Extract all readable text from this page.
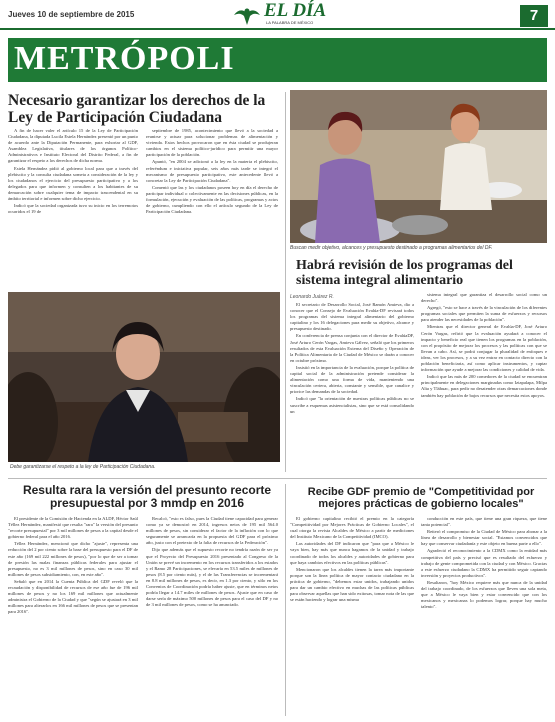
Jueves 10 de septiembre de 2015	EL DÍA
LA PALABRA DE MÉXICO	7
METRÓPOLI
Necesario garantizar los derechos de la Ley de Participación Ciudadana

A fin de hacer valer el artículo 15 de la Ley de Participación Ciudadana, la diputada Lucila Estela Hernández presentó por un punto de acuerdo ante la Diputación Permanente, para exhortar al GDF, Asamblea Legislativa, titulares de los órganos Político-Administrativos e Instituto Electoral del Distrito Federal, a fin de garantizar el respeto a los derechos de dicha norma.

Estela Hernández pidió al gobierno local para que a través del plebiscito y la consulta ciudadana someta a consideración de la ley y los ciudadanos el ejercicio del presupuesto participativo y a los delegados para que informen y consulten a los habitantes de su demarcación sobre cualquier tema de impacto trascendental en su ámbito territorial e informen sobre dicho ejercicio.

Indicó que la sociedad organizada tuvo su inicio en los terremotos ocurridos el 19 de

septiembre de 1985, acontecimiento que llevó a la sociedad a reunirse y actuar para solucionar problemas de alimentación y vivienda. Estos hechos provocaron que en ésta ciudad se produjeran cambios en el sistema político-jurídico para permitir una mayor participación de la población.

Apuntó, "en 2004 se adicionó a la ley en la materia el plebiscito, referéndum e iniciativa popular, seis años más tarde se integró el mecanismo de presupuesto participativo, este antecedente llevó a concretar la Ley de Participación Ciudadana".

Comentó que las y los ciudadanos poseen hoy en día el derecho de participar individual o colectivamente en las decisiones públicas, en la formulación, ejecución y evaluación de las políticas, programas y actos de gobierno, cumpliendo con ello el artículo segundo de la Ley de Participación Ciudadana.

Debe garantizarse el respeto a la ley de Participación Ciudadana.
Buscan medir objetivo, alcances y presupuesto destinado a programas alimentarios del DF.
Habrá revisión de los programas del sistema integral alimentario
Leonardo Juárez R.

El secretario de Desarrollo Social, José Ramón Amieva, dio a conocer que el Consejo de Evaluación Evalúa-DF revisará todos los programas del sistema integral alimentario del gobierno capitalino y los 16 delegaciones para medir su objetivo, alcance y presupuesto destinado.

En conferencia de prensa conjunta con el director de EvalúaDF, José Arturo Cerón Vargas, Amieva Gálvez, señaló que los primeros resultados de esta Evaluación Externa del Diseño y Operación de la Política Alimentaria de la Ciudad de México se darán a conocer en octubre próximo.

Insistió en la importancia de la evaluación, porque la política de capital social de la administración pretende considerar la alimentación como una forma de vida, manteniendo una vinculación certera, abierta, constante y sensible, que canalice y priorice las demandas de la sociedad.

Indicó que "la orientación de nuestras políticas públicas no se suscribe a esquemas asistencialistas, sino que se está consolidando un

sistema integral que garantiza el desarrollo social como un derecho".

Agregó, "esto se hace a través de la vinculación de los diferentes programas sociales que permiten la suma de esfuerzos y recursos para atender las necesidades de la población".

Mientras que el director general de Evalúa-DF, José Arturo Cerón Vargas, refirió que la evaluación ayudará a conocer el impacto y beneficio real que tienen los programas en la población, con el propósito de mejorar los procesos y las políticas con que se llevan a cabo. Así, se podrá conjugar la pluralidad de enfoques e ideas, ver los procesos, y a su vez entrar en contacto directo con la población beneficiaria, así como aplicar instrumentos, y captar información que ayude a mejorar las condiciones y calidad de vida.

Indicó que las más de 200 comedores de la ciudad se encuentran principalmente en delegaciones marginadas como Iztapalapa, Milpa Alta y Tláhuac, para pedir no desatender otras demarcaciones donde también hay población de bajos recursos que necesita estos apoyos.

Resulta rara la versión del presunto recorte presupuestal por 3 mmdp en 2016

El presidente de la Comisión de Hacienda en la ALDF, Héctor Saúl Téllez Hernández, manifestó que resulta "rara" la versión del presunto "recorte presupuestal" por 3 mil millones de pesos a la capital desde el gobierno federal para el año 2016.

Téllez Hernández, mencionó que dicho "ajuste", representa una reducción del 2 por ciento sobre la base del presupuesto para el DF de este año (169 mil 222 millones de pesos), "por lo que de ser a tomar de presión las malas finanzas públicas federales para ajustar el presupuesto, no es 3 mil millones de pesos, sino en caso 30 mil millones de pesos subsidiamiento, con, en este año".

Señaló que en 2014 la Cuenta Pública del GDF reveló que la recaudación y disponibilidad de recursos de ese año fue de 196 mil millones de pesos y no los 169 mil millones que actualmente administra el Gobierno de la Ciudad y que "según se ajustará en 3 mil millones para alterarlos en 166 mil millones de pesos que se presentan para 2016".

Recalcó, "esto es falso, pues la Ciudad tiene capacidad para generar como ya se demostró en 2014, ingresos netos de 195 mil 564.0 millones de pesos, sin considerar el factor de la inflación con lo que seguramente se arrancaría en la propuesta del GDF para el próximo año, justo con el pretexto de la falta de recursos de la Federación".

Dijo que además que el supuesto recorte no tendría razón de ser ya que el Proyecto del Presupuesto 2016 presentado al Congreso de la Unión se prevé un incremento en los recursos transferidos a los estados y el Ramo 28 Participaciones, se elevaría en 53.5 miles de millones de pesos (8.5 por ciento más), y el de las Transferencias se incrementará en 8.8 mil millones de pesos, es decir, en 1.3 por ciento, y sólo en los Convenios de Coordinación podría haber ajuste, que en términos netos podría llegar a 14.7 miles de millones de pesos. Ajuste que en caso de darse sería de máximo 500 millones de pesos para el caso del DF y no de 3 mil millones de pesos, como se ha anunciado.

Recibe GDF premio de "Competitividad por mejores prácticas de gobierno locales"

El gobierno capitalino recibió el premio en la categoría "Competitividad por Mejores Prácticas de Gobierno Locales", el cual otorga la revista Alcaldes de México a partir de mediciones del Instituto Mexicano de la Competitividad (IMCO).

Las autoridades del DF indicaron que "para que a México le vaya bien, hay más que nunca hagamos de la unidad y trabajo coordinado de todos los alcaldes y autoridades de gobierno para que haya cambios efectivos en las políticas públicas".

Mencionaron que los alcaldes tienen la tarea más importante porque son la línea política de mayor contacto ciudadano en la práctica de gobierno, "debemos estar unidos, trabajando unidos para dar un cambio efectivo en muchas de las políticas públicas para observar aquellas que han sido exitosas, tomar nota de las que se están haciendo y lograr una misma

conducción en este país, que tiene una gran riqueza, que tiene tanta potencial".

Reiteró el compromiso de la Ciudad de México para abonar a la línea de desarrollo y bienestar social. "Estamos convencidos que hay que conservar ciudadanía y este objeto en buena parte a ello".

Agradeció el reconocimiento a la CDMX como la entidad más competitiva del país y precisó que es resultado del esfuerzo y trabajo de gente comprometida con la ciudad y con México. Gracias a este esfuerzo ciudadano la CDMX ha permitido seguir captando inversión y proyectos productivos".

Resaltaron, "hoy México requiere más que nunca de la unidad del trabajo coordinado, de los esfuerzos que lleven una sola meta, que a México le vaya bien y estar convencido que con los mexicanos y mexicanas lo podemos lograr, porque hay mucho talento".
